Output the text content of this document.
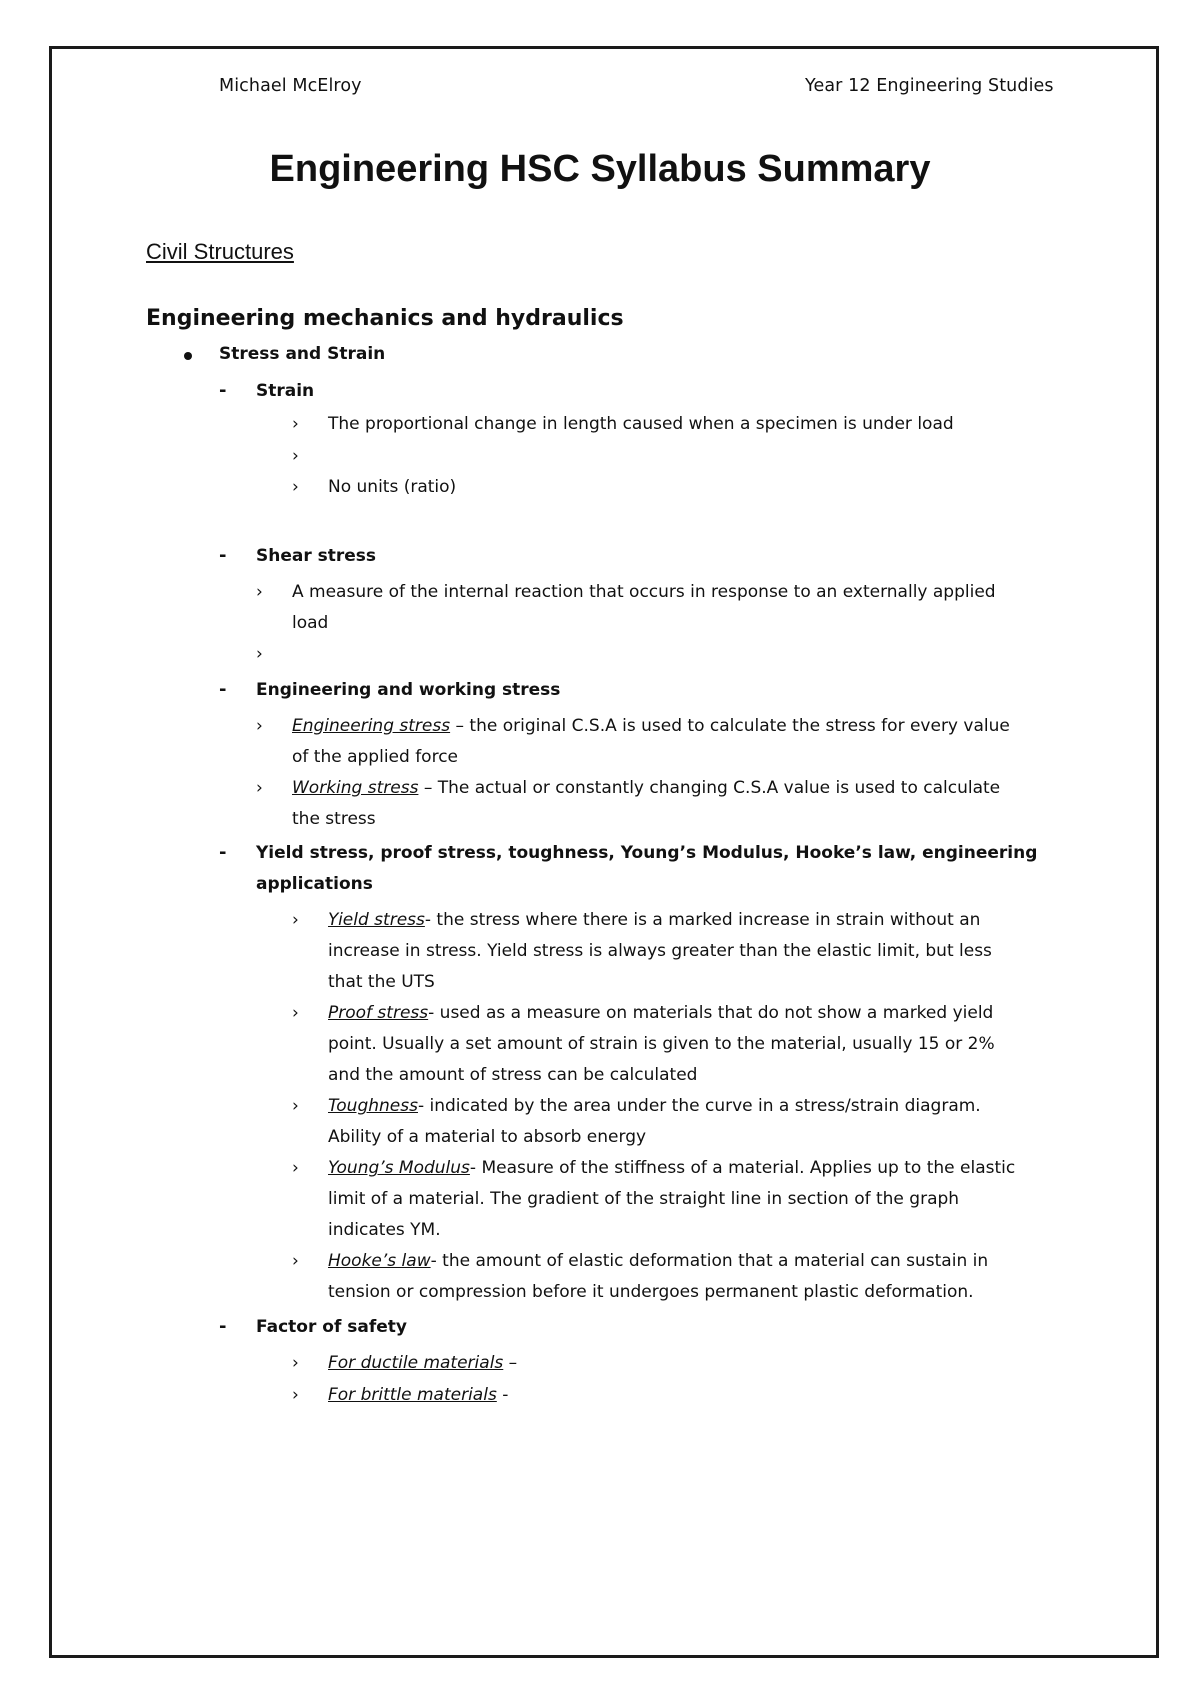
Michael McElroy	Year 12 Engineering Studies
Engineering HSC Syllabus Summary
Civil Structures
Engineering mechanics and hydraulics
Stress and Strain
- Strain
› The proportional change in length caused when a specimen is under load
›
› No units (ratio)
- Shear stress
› A measure of the internal reaction that occurs in response to an externally applied
load
›
- Engineering and working stress
› Engineering stress – the original C.S.A is used to calculate the stress for every value
of the applied force
› Working stress – The actual or constantly changing C.S.A value is used to calculate
the stress
- Yield stress, proof stress, toughness, Young’s Modulus, Hooke’s law, engineering
applications
› Yield stress- the stress where there is a marked increase in strain without an
increase in stress. Yield stress is always greater than the elastic limit, but less
that the UTS
› Proof stress- used as a measure on materials that do not show a marked yield
point. Usually a set amount of strain is given to the material, usually 15 or 2%
and the amount of stress can be calculated
› Toughness- indicated by the area under the curve in a stress/strain diagram.
Ability of a material to absorb energy
› Young’s Modulus- Measure of the stiffness of a material. Applies up to the elastic
limit of a material. The gradient of the straight line in section of the graph
indicates YM.
› Hooke’s law- the amount of elastic deformation that a material can sustain in
tension or compression before it undergoes permanent plastic deformation.
- Factor of safety
› For ductile materials –
› For brittle materials -
